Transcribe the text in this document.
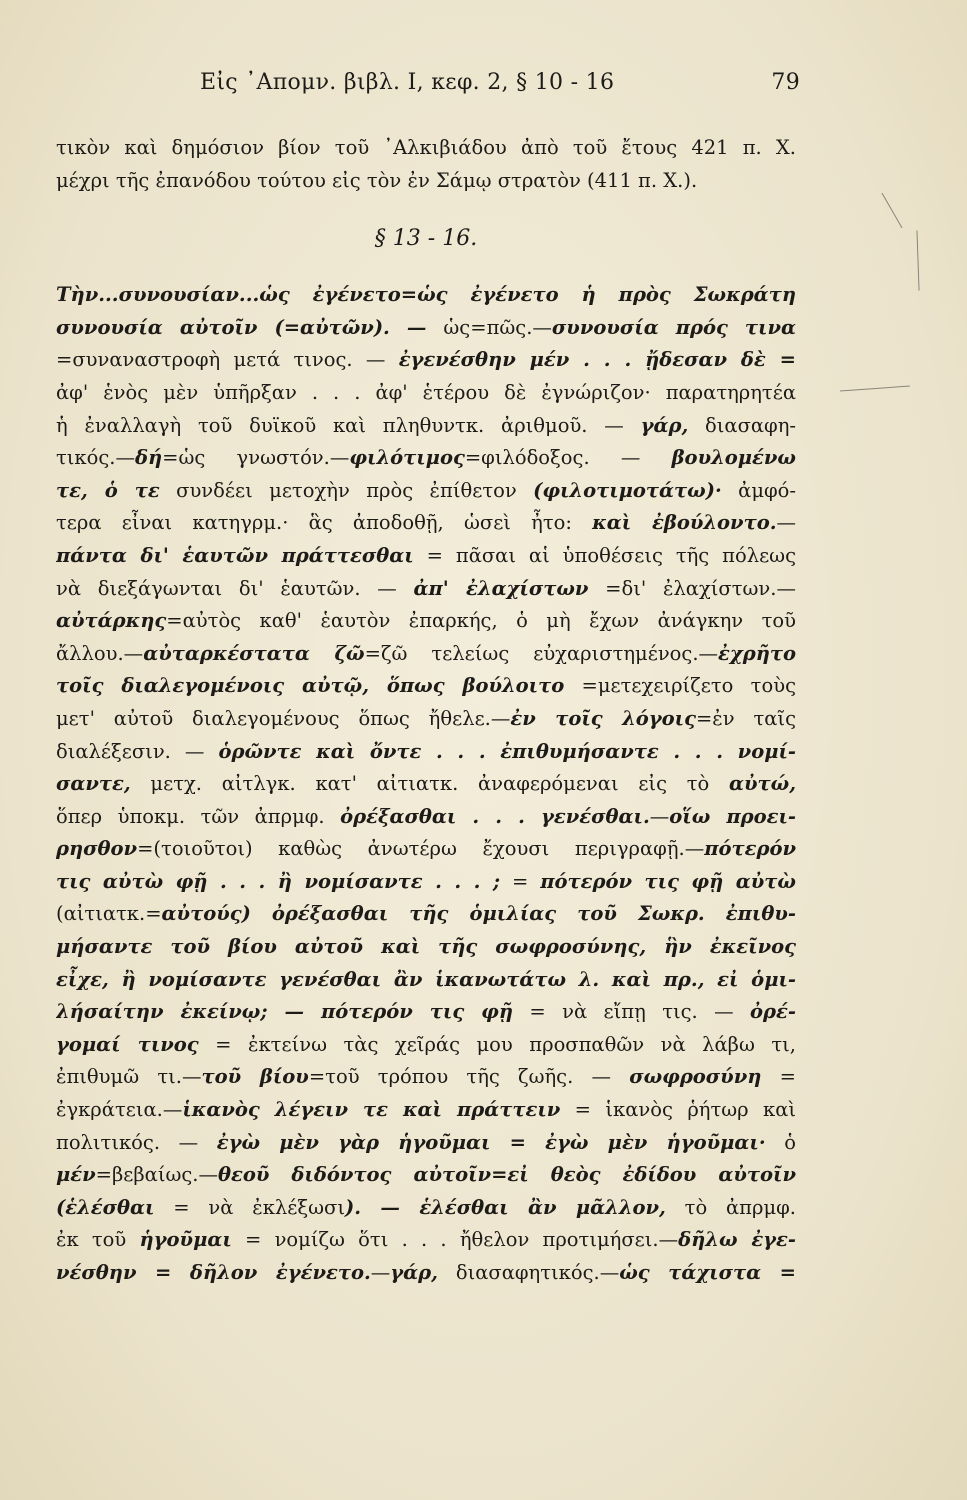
Εἰς ᾿Απομν. βιβλ. Ι, κεφ. 2, § 10 - 16	79
τικὸν καὶ δημόσιον βίον τοῦ ᾿Αλκιβιάδου ἀπὸ τοῦ ἔτους 421 π. Χ.
μέχρι τῆς ἐπανόδου τούτου εἰς τὸν ἐν Σάμῳ στρατὸν (411 π. Χ.).
§ 13 - 16.
Τὴν...συνουσίαν...ὡς ἐγένετο=ὡς ἐγένετο ἡ πρὸς Σωκράτη
συνουσία αὐτοῖν (=αὐτῶν). — ὡς=πῶς.—συνουσία πρός τινα
=συναναστροφὴ μετά τινος. — ἐγενέσθην μέν . . . ᾔδεσαν δὲ =
ἀφ' ἑνὸς μὲν ὑπῆρξαν . . . ἀφ' ἑτέρου δὲ ἐγνώριζον· παρατηρητέα
ἡ ἐναλλαγὴ τοῦ δυϊκοῦ καὶ πληθυντκ. ἀριθμοῦ. — γάρ, διασαφη-
τικός.—δή=ὡς γνωστόν.—φιλότιμος=φιλόδοξος. — βουλομένω
τε, ὁ τε συνδέει μετοχὴν πρὸς ἐπίθετον (φιλοτιμοτάτω)· ἀμφό-
τερα εἶναι κατηγρμ.· ἃς ἀποδοθῇ, ὡσεὶ ἦτο: καὶ ἐβούλοντο.—
πάντα δι' ἑαυτῶν πράττεσθαι = πᾶσαι αἱ ὑποθέσεις τῆς πόλεως
νὰ διεξάγωνται δι' ἑαυτῶν. — ἀπ' ἐλαχίστων =δι' ἐλαχίστων.—
αὐτάρκης=αὐτὸς καθ' ἑαυτὸν ἐπαρκής, ὁ μὴ ἔχων ἀνάγκην τοῦ
ἄλλου.—αὐταρκέστατα ζῶ=ζῶ τελείως εὐχαριστημένος.—ἐχρῆτο
τοῖς διαλεγομένοις αὐτῷ, ὅπως βούλοιτο =μετεχειρίζετο τοὺς
μετ' αὐτοῦ διαλεγομένους ὅπως ἤθελε.—ἐν τοῖς λόγοις=ἐν ταῖς
διαλέξεσιν. — ὁρῶντε καὶ ὄντε . . . ἐπιθυμήσαντε . . . νομί-
σαντε, μετχ. αἰτλγκ. κατ' αἰτιατκ. ἀναφερόμεναι εἰς τὸ αὐτώ,
ὅπερ ὑποκμ. τῶν ἀπρμφ. ὀρέξασθαι . . . γενέσθαι.—οἵω προει-
ρησθον=(τοιοῦτοι) καθὼς ἀνωτέρω ἔχουσι περιγραφῇ.—πότερόν
τις αὐτὼ φῇ . . . ἢ νομίσαντε . . . ; = πότερόν τις φῇ αὐτὼ
(αἰτιατκ.=αὐτούς) ὀρέξασθαι τῆς ὁμιλίας τοῦ Σωκρ. ἐπιθυ-
μήσαντε τοῦ βίου αὐτοῦ καὶ τῆς σωφροσύνης, ἣν ἐκεῖνος
εἶχε, ἢ νομίσαντε γενέσθαι ἂν ἱκανωτάτω λ. καὶ πρ., εἰ ὁμι-
λήσαίτην ἐκείνῳ; — πότερόν τις φῇ = νὰ εἴπῃ τις. — ὀρέ-
γομαί τινος = ἐκτείνω τὰς χεῖράς μου προσπαθῶν νὰ λάβω τι,
ἐπιθυμῶ τι.—τοῦ βίου=τοῦ τρόπου τῆς ζωῆς. — σωφροσύνη =
ἐγκράτεια.—ἱκανὸς λέγειν τε καὶ πράττειν = ἱκανὸς ῥήτωρ καὶ
πολιτικός. — ἐγὼ μὲν γὰρ ἡγοῦμαι = ἐγὼ μὲν ἡγοῦμαι· ὁ
μέν=βεβαίως.—θεοῦ διδόντος αὐτοῖν=εἰ θεὸς ἐδίδου αὐτοῖν
(ἑλέσθαι = νὰ ἐκλέξωσι). — ἑλέσθαι ἂν μᾶλλον, τὸ ἀπρμφ.
ἐκ τοῦ ἡγοῦμαι = νομίζω ὅτι . . . ἤθελον προτιμήσει.—δῆλω ἐγε-
νέσθην = δῆλον ἐγένετο.—γάρ, διασαφητικός.—ὡς τάχιστα =
